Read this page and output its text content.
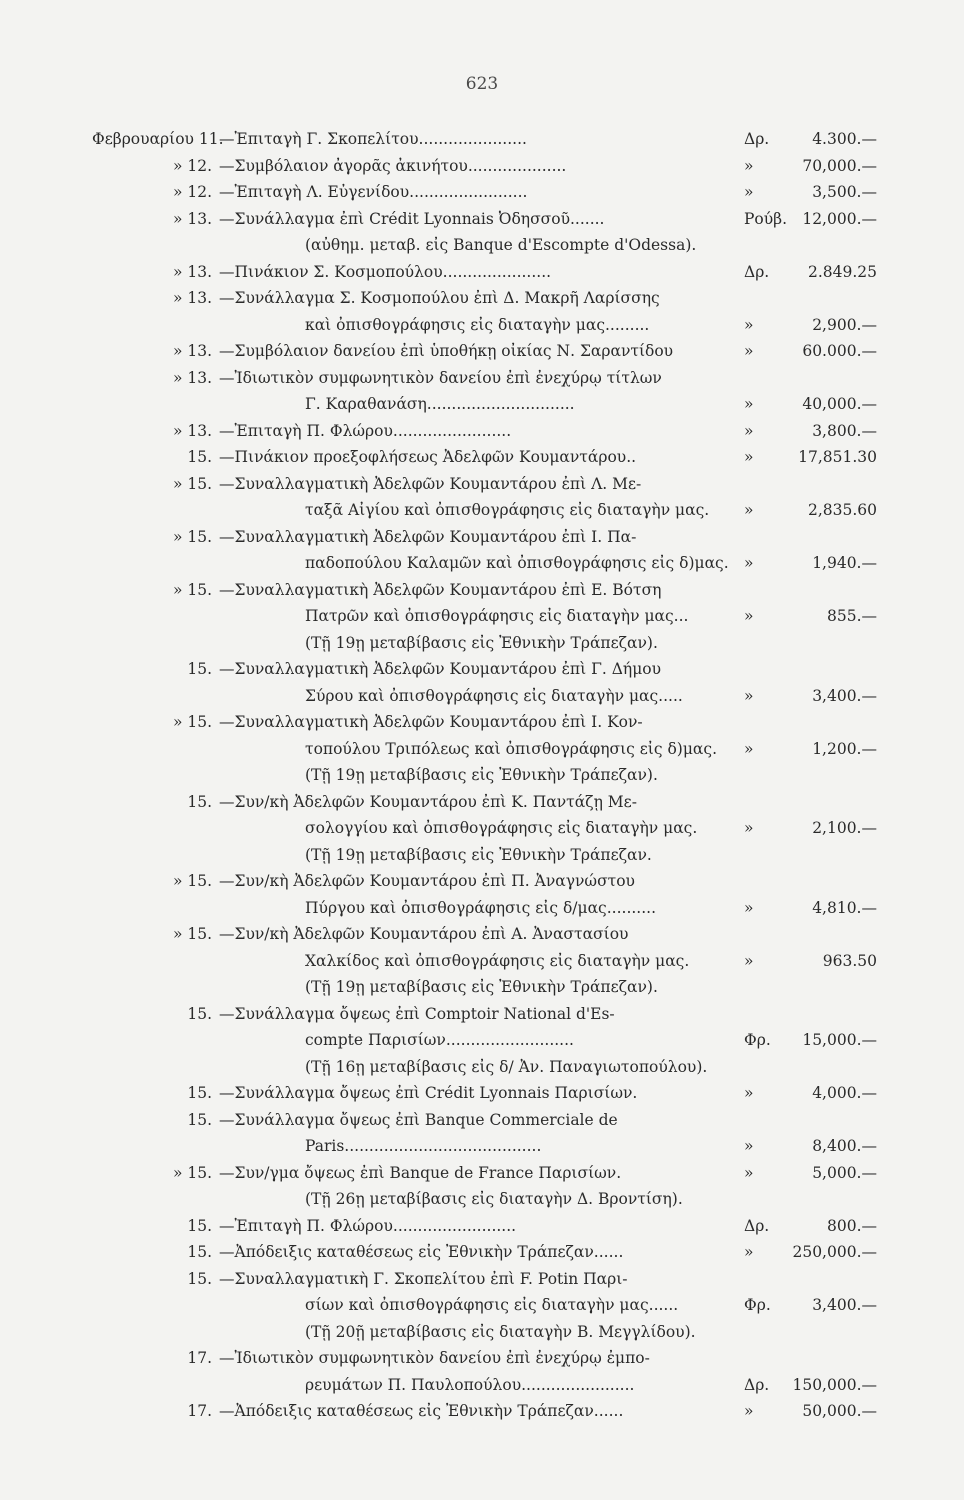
623
Φεβρουαρίου 11.
—Ἐπιταγὴ Γ. Σκοπελίτου......................	Δρ.	4.300.—
» 12. —Συμβόλαιον ἀγορᾶς ἀκινήτου....................	»	70,000.—
» 12. —Ἐπιταγὴ Λ. Εὐγενίδου........................	»	3,500.—
» 13. —Συνάλλαγμα ἐπὶ Crédit Lyonnais Ὀδησσοῦ.......	Ρούβ. 12,000.—
(αὐθημ. μεταβ. εἰς Banque d'Escompte d'Odessa).
» 13. —Πινάκιον Σ. Κοσμοπούλου......................	Δρ.	2.849.25
» 13. —Συνάλλαγμα Σ. Κοσμοπούλου ἐπὶ Δ. Μακρῆ Λαρίσσης
καὶ ὀπισθογράφησις εἰς διαταγὴν μας.........	»	2,900.—
» 13. —Συμβόλαιον δανείου ἐπὶ ὑποθήκῃ οἰκίας Ν. Σαραντίδου	»	60.000.—
» 13. —Ἰδιωτικὸν συμφωνητικὸν δανείου ἐπὶ ἐνεχύρῳ τίτλων
Γ. Καραθανάση..............................	»	40,000.—
» 13. —Ἐπιταγὴ Π. Φλώρου........................	»	3,800.—
15. —Πινάκιον προεξοφλήσεως Ἀδελφῶν Κουμαντάρου..	»	17,851.30
» 15. —Συναλλαγματικὴ Ἀδελφῶν Κουμαντάρου ἐπὶ Λ. Με-
ταξᾶ Αἰγίου καὶ ὀπισθογράφησις εἰς διαταγὴν μας. »	2,835.60
» 15. —Συναλλαγματικὴ Ἀδελφῶν Κουμαντάρου ἐπὶ Ι. Πα-
παδοπούλου Καλαμῶν καὶ ὀπισθογράφησις εἰς δ)μας. »	1,940.—
» 15. —Συναλλαγματικὴ Ἀδελφῶν Κουμαντάρου ἐπὶ Ε. Βότση
Πατρῶν καὶ ὀπισθογράφησις εἰς διαταγὴν μας...	»	855.—
(Τῇ 19ῃ μεταβίβασις εἰς Ἐθνικὴν Τράπεζαν).
15. —Συναλλαγματικὴ Ἀδελφῶν Κουμαντάρου ἐπὶ Γ. Δήμου
Σύρου καὶ ὀπισθογράφησις εἰς διαταγὴν μας.....	»	3,400.—
» 15. —Συναλλαγματικὴ Ἀδελφῶν Κουμαντάρου ἐπὶ Ι. Κον-
τοπούλου Τριπόλεως καὶ ὀπισθογράφησις εἰς δ)μας. »	1,200.—
(Τῇ 19ῃ μεταβίβασις εἰς Ἐθνικὴν Τράπεζαν).
15. —Συν/κὴ Ἀδελφῶν Κουμαντάρου ἐπὶ Κ. Παντάζῃ Με-
σολογγίου καὶ ὀπισθογράφησις εἰς διαταγὴν μας.	»	2,100.—
(Τῇ 19ῃ μεταβίβασις εἰς Ἐθνικὴν Τράπεζαν.
» 15. —Συν/κὴ Ἀδελφῶν Κουμαντάρου ἐπὶ Π. Ἀναγνώστου
Πύργου καὶ ὀπισθογράφησις εἰς δ/μας..........	»	4,810.—
» 15. —Συν/κὴ Ἀδελφῶν Κουμαντάρου ἐπὶ Α. Ἀναστασίου
Χαλκίδος καὶ ὀπισθογράφησις εἰς διαταγὴν μας.	»	963.50
(Τῇ 19ῃ μεταβίβασις εἰς Ἐθνικὴν Τράπεζαν).
15. —Συνάλλαγμα ὄψεως ἐπὶ Comptoir National d'Es-
compte Παρισίων..........................	Φρ.	15,000.—
(Τῇ 16ῃ μεταβίβασις εἰς δ/ Ἀν. Παναγιωτοπούλου).
15. —Συνάλλαγμα ὄψεως ἐπὶ Crédit Lyonnais Παρισίων.	»	4,000.—
15. —Συνάλλαγμα ὄψεως ἐπὶ Banque Commerciale de
Paris........................................	»	8,400.—
» 15. —Συν/γμα ὄψεως ἐπὶ Banque de France Παρισίων.	»	5,000.—
(Τῇ 26ῃ μεταβίβασις εἰς διαταγὴν Δ. Βροντίση).
15. —Ἐπιταγὴ Π. Φλώρου.........................	Δρ.	800.—
15. —Ἀπόδειξις καταθέσεως εἰς Ἐθνικὴν Τράπεζαν......	»	250,000.—
15. —Συναλλαγματικὴ Γ. Σκοπελίτου ἐπὶ F. Potin Παρι-
σίων καὶ ὀπισθογράφησις εἰς διαταγὴν μας......	Φρ.	3,400.—
(Τῇ 20ῇ μεταβίβασις εἰς διαταγὴν Β. Μεγγλίδου).
17. —Ἰδιωτικὸν συμφωνητικὸν δανείου ἐπὶ ἐνεχύρῳ ἐμπο-
ρευμάτων Π. Παυλοπούλου.......................	Δρ.	150,000.—
17. —Ἀπόδειξις καταθέσεως εἰς Ἐθνικὴν Τράπεζαν......	»	50,000.—
